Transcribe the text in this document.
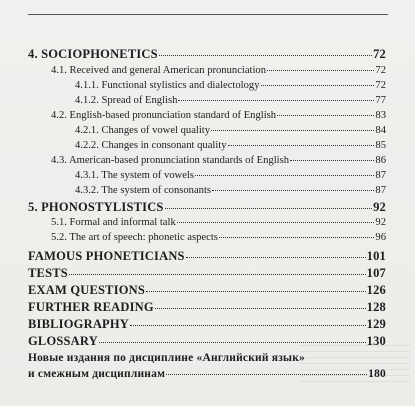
4. SOCIOPHONETICS	72
4.1. Received and general American pronunciation	72
4.1.1. Functional stylistics and dialectology	72
4.1.2. Spread of English	77
4.2. English-based pronunciation standard of English	83
4.2.1. Changes of vowel quality	84
4.2.2. Changes in consonant quality	85
4.3. American-based pronunciation standards of English	86
4.3.1. The system of vowels	87
4.3.2. The system of consonants	87
5. PHONOSTYLISTICS	92
5.1. Formal and informal talk	92
5.2. The art of speech: phonetic aspects	96
FAMOUS PHONETICIANS	101
TESTS	107
EXAM QUESTIONS	126
FURTHER READING	128
BIBLIOGRAPHY	129
GLOSSARY	130
Новые издания по дисциплине «Английский язык»
и смежным дисциплинам	180
